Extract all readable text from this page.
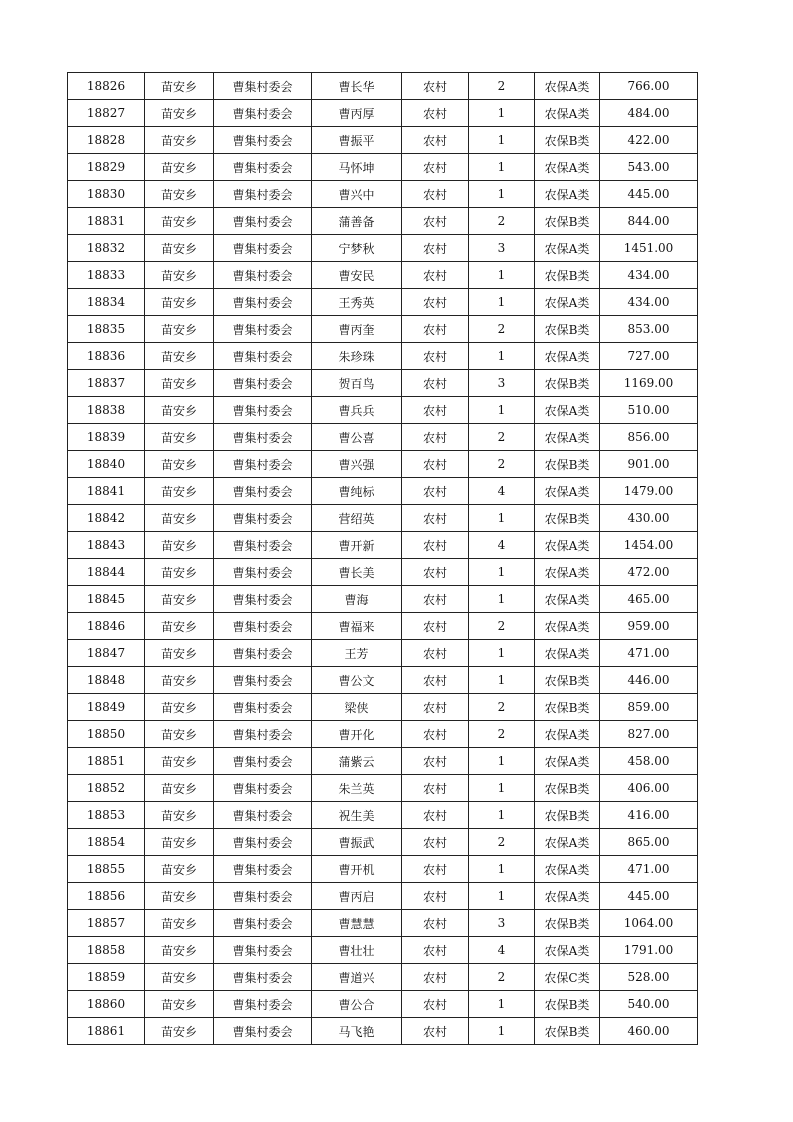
18826	苗安乡	曹集村委会	曹长华	农村	2	农保A类	766.00
18827	苗安乡	曹集村委会	曹丙厚	农村	1	农保A类	484.00
18828	苗安乡	曹集村委会	曹振平	农村	1	农保B类	422.00
18829	苗安乡	曹集村委会	马怀坤	农村	1	农保A类	543.00
18830	苗安乡	曹集村委会	曹兴中	农村	1	农保A类	445.00
18831	苗安乡	曹集村委会	蒲善备	农村	2	农保B类	844.00
18832	苗安乡	曹集村委会	宁梦秋	农村	3	农保A类	1451.00
18833	苗安乡	曹集村委会	曹安民	农村	1	农保B类	434.00
18834	苗安乡	曹集村委会	王秀英	农村	1	农保A类	434.00
18835	苗安乡	曹集村委会	曹丙奎	农村	2	农保B类	853.00
18836	苗安乡	曹集村委会	朱珍珠	农村	1	农保A类	727.00
18837	苗安乡	曹集村委会	贺百鸟	农村	3	农保B类	1169.00
18838	苗安乡	曹集村委会	曹兵兵	农村	1	农保A类	510.00
18839	苗安乡	曹集村委会	曹公喜	农村	2	农保A类	856.00
18840	苗安乡	曹集村委会	曹兴强	农村	2	农保B类	901.00
18841	苗安乡	曹集村委会	曹纯标	农村	4	农保A类	1479.00
18842	苗安乡	曹集村委会	营绍英	农村	1	农保B类	430.00
18843	苗安乡	曹集村委会	曹开新	农村	4	农保A类	1454.00
18844	苗安乡	曹集村委会	曹长美	农村	1	农保A类	472.00
18845	苗安乡	曹集村委会	曹海	农村	1	农保A类	465.00
18846	苗安乡	曹集村委会	曹福来	农村	2	农保A类	959.00
18847	苗安乡	曹集村委会	王芳	农村	1	农保A类	471.00
18848	苗安乡	曹集村委会	曹公文	农村	1	农保B类	446.00
18849	苗安乡	曹集村委会	梁侠	农村	2	农保B类	859.00
18850	苗安乡	曹集村委会	曹开化	农村	2	农保A类	827.00
18851	苗安乡	曹集村委会	蒲紫云	农村	1	农保A类	458.00
18852	苗安乡	曹集村委会	朱兰英	农村	1	农保B类	406.00
18853	苗安乡	曹集村委会	祝生美	农村	1	农保B类	416.00
18854	苗安乡	曹集村委会	曹振武	农村	2	农保A类	865.00
18855	苗安乡	曹集村委会	曹开机	农村	1	农保A类	471.00
18856	苗安乡	曹集村委会	曹丙启	农村	1	农保A类	445.00
18857	苗安乡	曹集村委会	曹慧慧	农村	3	农保B类	1064.00
18858	苗安乡	曹集村委会	曹壮壮	农村	4	农保A类	1791.00
18859	苗安乡	曹集村委会	曹道兴	农村	2	农保C类	528.00
18860	苗安乡	曹集村委会	曹公合	农村	1	农保B类	540.00
18861	苗安乡	曹集村委会	马飞艳	农村	1	农保B类	460.00
